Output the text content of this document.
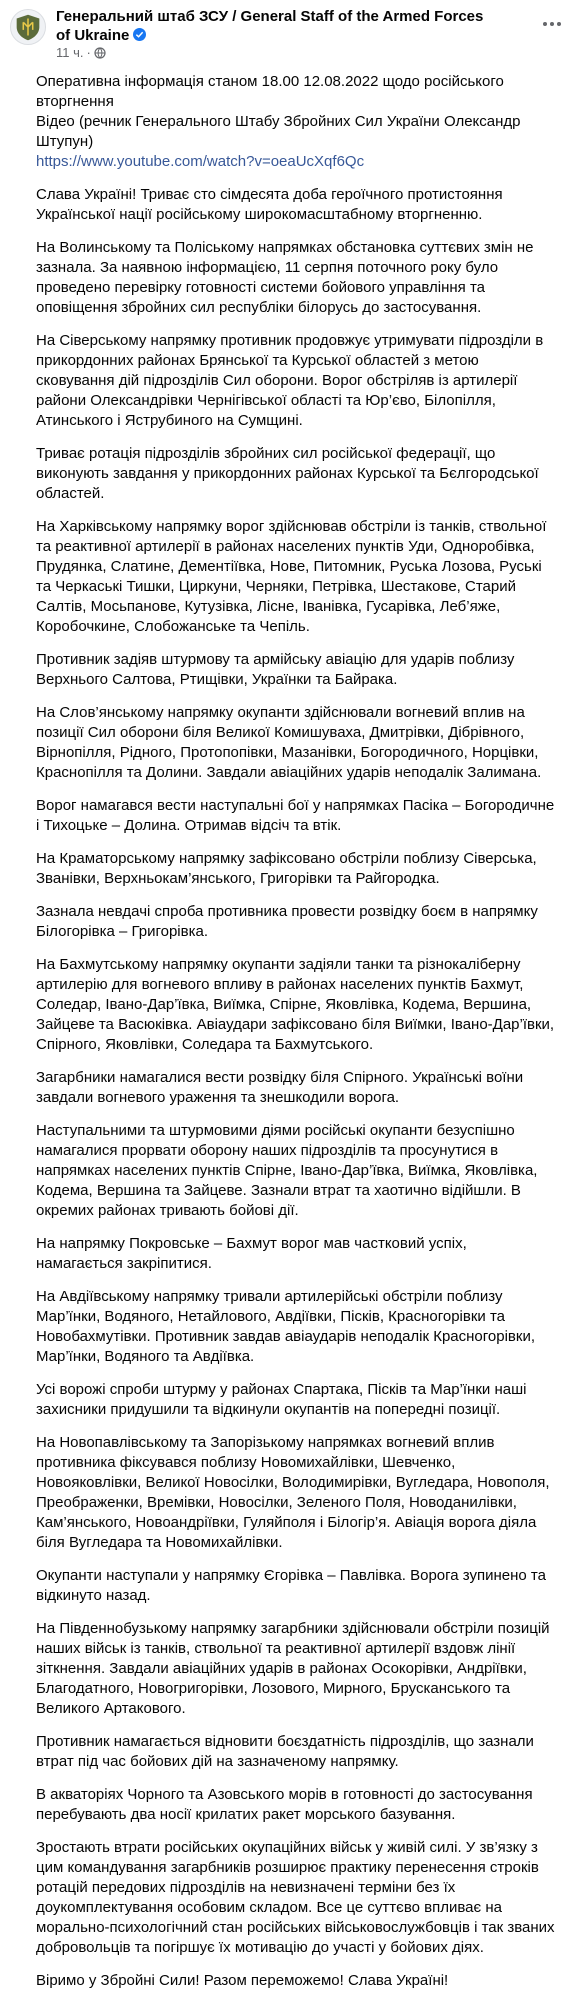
Генеральний штаб ЗСУ / General Staff of the Armed Forces of Ukraine
11 ч. ·

Оперативна інформація станом 18.00 12.08.2022 щодо російського вторгнення
Відео (речник Генерального Штабу Збройних Сил України Олександр Штупун)
https://www.youtube.com/watch?v=oeaUcXqf6Qc

Слава Україні! Триває сто сімдесята доба героїчного протистояння Української нації російському широкомасштабному вторгненню.

На Волинському та Поліському напрямках обстановка суттєвих змін не зазнала. За наявною інформацією, 11 серпня поточного року було проведено перевірку готовності системи бойового управління та оповіщення збройних сил республіки білорусь до застосування.

На Сіверському напрямку противник продовжує утримувати підрозділи в прикордонних районах Брянської та Курської областей з метою сковування дій підрозділів Сил оборони. Ворог обстріляв із артилерії райони Олександрівки Чернігівської області та Юр’єво, Білопілля, Атинського і Яструбиного на Сумщині.

Триває ротація підрозділів збройних сил російської федерації, що виконують завдання у прикордонних районах Курської та Бєлгородської областей.

На Харківському напрямку ворог здійснював обстріли із танків, ствольної та реактивної артилерії в районах населених пунктів Уди, Одноробівка, Прудянка, Слатине, Дементіївка, Нове, Питомник, Руська Лозова, Руські та Черкаські Тишки, Циркуни, Черняки, Петрівка, Шестакове, Старий Салтів, Мосьпанове, Кутузівка, Лісне, Іванівка, Гусарівка, Леб’яже, Коробочкине, Слобожанське та Чепіль.

Противник задіяв штурмову та армійську авіацію для ударів поблизу Верхнього Салтова, Ртищівки, Українки та Байрака.

На Слов’янському напрямку окупанти здійснювали вогневий вплив на позиції Сил оборони біля Великої Комишуваха, Дмитрівки, Дібрівного, Вірнопілля, Рідного, Протопопівки, Мазанівки, Богородичного, Норцівки, Краснопілля та Долини. Завдали авіаційних ударів неподалік Залимана.

Ворог намагався вести наступальні бої у напрямках Пасіка – Богородичне і Тихоцьке – Долина. Отримав відсіч та втік.

На Краматорському напрямку зафіксовано обстріли поблизу Сіверська, Званівки, Верхньокам’янського, Григорівки та Райгородка.

Зазнала невдачі спроба противника провести розвідку боєм в напрямку Білогорівка – Григорівка.

На Бахмутському напрямку окупанти задіяли танки та різнокаліберну артилерію для вогневого впливу в районах населених пунктів Бахмут, Соледар, Івано-Дар’ївка, Виїмка, Спірне, Яковлівка, Кодема, Вершина, Зайцеве та Васюківка. Авіаудари зафіксовано біля Виїмки, Івано-Дар’ївки, Спірного, Яковлівки, Соледара та Бахмутського.

Загарбники намагалися вести розвідку біля Спірного. Українські воїни завдали вогневого ураження та знешкодили ворога.

Наступальними та штурмовими діями російські окупанти безуспішно намагалися прорвати оборону наших підрозділів та просунутися в напрямках населених пунктів Спірне, Івано-Дар’ївка, Виїмка, Яковлівка, Кодема, Вершина та Зайцеве. Зазнали втрат та хаотично відійшли. В окремих районах тривають бойові дії.

На напрямку Покровське – Бахмут ворог мав частковий успіх, намагається закріпитися.

На Авдіївському напрямку тривали артилерійські обстріли поблизу Мар’їнки, Водяного, Нетайлового, Авдіївки, Пісків, Красногорівки та Новобахмутівки. Противник завдав авіаударів неподалік Красногорівки, Мар’їнки, Водяного та Авдіївка.

Усі ворожі спроби штурму у районах Спартака, Пісків та Мар’їнки наші захисники придушили та відкинули окупантів на попередні позиції.

На Новопавлівському та Запорізькому напрямках вогневий вплив противника фіксувався поблизу Новомихайлівки, Шевченко, Новояковлівки, Великої Новосілки, Володимирівки, Вугледара, Новополя, Преображенки, Времівки, Новосілки, Зеленого Поля, Новоданилівки, Кам’янського, Новоандріївки, Гуляйполя і Білогір’я. Авіація ворога діяла біля Вугледара та Новомихайлівки.

Окупанти наступали у напрямку Єгорівка – Павлівка. Ворога зупинено та відкинуто назад.

На Південнобузькому напрямку загарбники здійснювали обстріли позицій наших військ із танків, ствольної та реактивної артилерії вздовж лінії зіткнення. Завдали авіаційних ударів в районах Осокорівки, Андріївки, Благодатного, Новогригорівки, Лозового, Мирного, Брусканського та Великого Артакового.

Противник намагається відновити боєздатність підрозділів, що зазнали втрат під час бойових дій на зазначеному напрямку.

В акваторіях Чорного та Азовського морів в готовності до застосування перебувають два носії крилатих ракет морського базування.

Зростають втрати російських окупаційних військ у живій силі. У зв’язку з цим командування загарбників розширює практику перенесення строків ротацій передових підрозділів на невизначені терміни без їх доукомплектування особовим складом. Все це суттєво впливає на морально-психологічний стан російських військовослужбовців і так званих добровольців та погіршує їх мотивацію до участі у бойових діях.

Віримо у Збройні Сили! Разом переможемо! Слава Україні!
